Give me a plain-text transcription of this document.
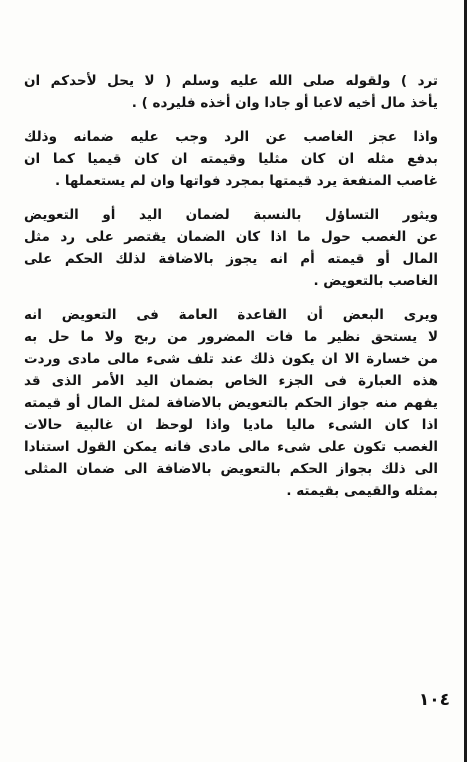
ترد ) ولقوله صلى الله عليه وسلم ( لا يحل لأحدكم ان
يأخذ مال أخيه لاعبا أو جادا وان أخذه فليرده ) .
واذا عجز الغاصب عن الرد وجب عليه ضمانه وذلك
بدفع مثله ان كان مثليا وقيمته ان كان قيميا كما ان
غاصب المنفعة يرد قيمتها بمجرد فواتها وان لم يستعملها .
ويثور التساؤل بالنسبة لضمان اليد أو التعويض
عن الغصب حول ما اذا كان الضمان يقتصر على رد مثل
المال أو قيمته أم انه يجوز بالاضافة لذلك الحكم على
الغاصب بالتعويض .
ويرى البعض أن القاعدة العامة فى التعويض انه
لا يستحق نظير ما فات المضرور من ربح ولا ما حل به
من خسارة الا ان يكون ذلك عند تلف شىء مالى مادى وردت
هذه العبارة فى الجزء الخاص بضمان اليد الأمر الذى قد
يفهم منه جواز الحكم بالتعويض بالاضافة لمثل المال أو قيمته
اذا كان الشىء ماليا ماديا واذا لوحظ ان غالبية حالات
الغصب تكون على شىء مالى مادى فانه يمكن القول استنادا
الى ذلك بجواز الحكم بالتعويض بالاضافة الى ضمان المثلى
بمثله والقيمى بقيمته .
١٠٤
